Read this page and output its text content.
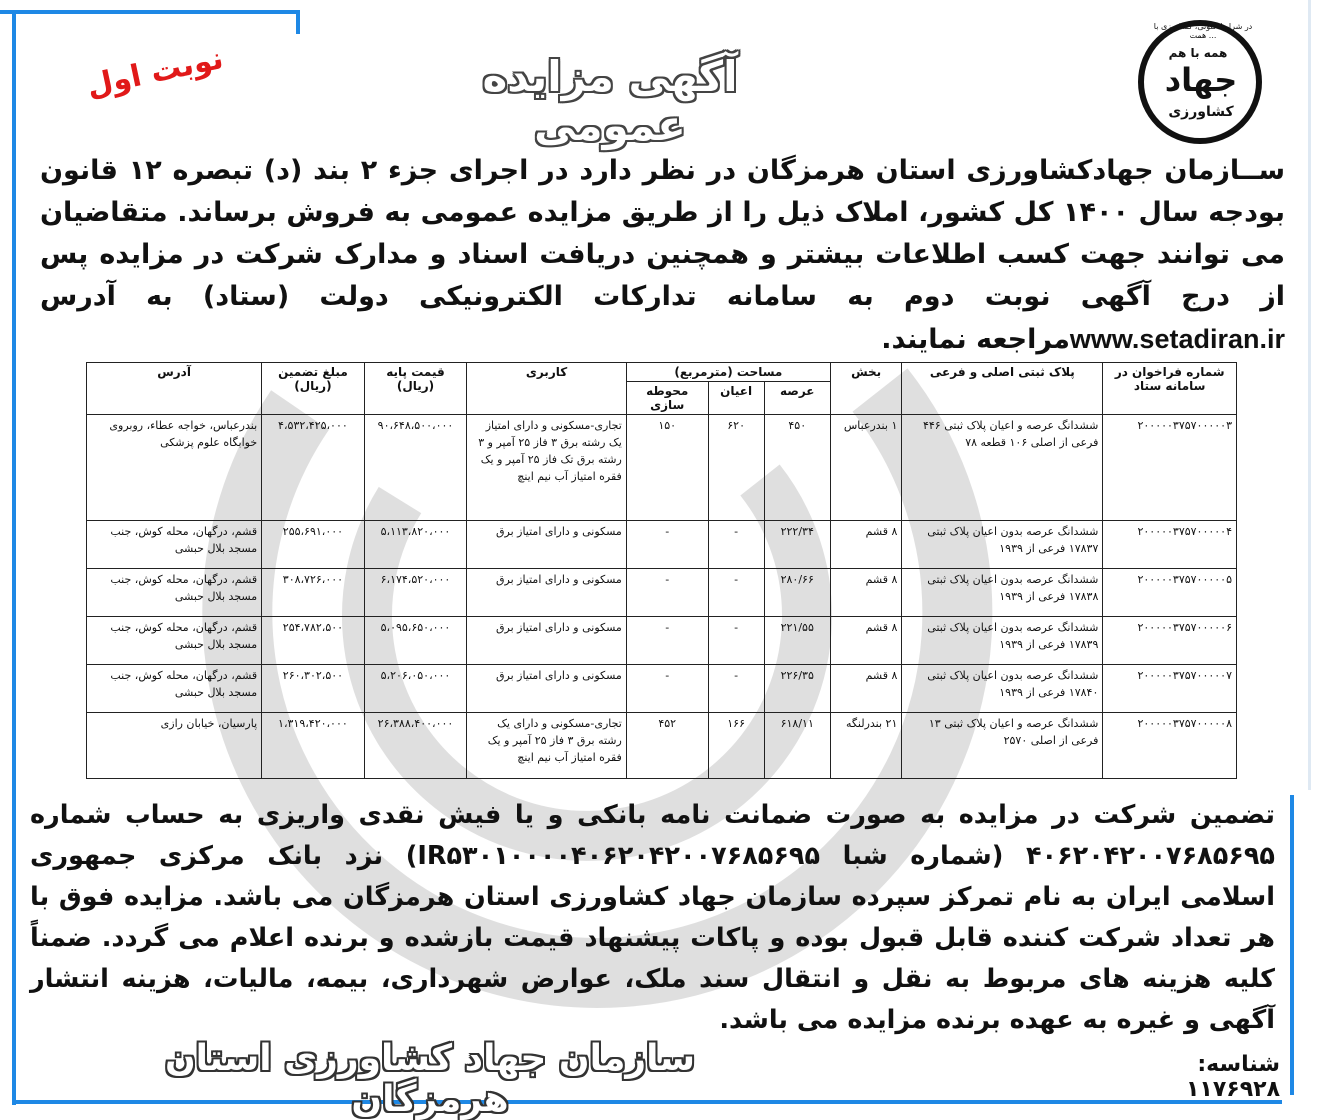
در شرایط کنونی، کشاورزی با همت ...
همه با هم
جهاد
کشاورزی
آگهی مزایده عمومی
نوبت اول
ســازمان جهادکشاورزی استان هرمزگان در نظر دارد در اجرای جزء ۲ بند (د) تبصره ۱۲ قانون بودجه سال ۱۴۰۰ کل کشور، املاک ذیل را از طریق مزایده عمومی به فروش برساند. متقاضیان می توانند جهت کسب اطلاعات بیشتر و همچنین دریافت اسناد و مدارک شرکت در مزایده پس از درج آگهی نوبت دوم به سامانه تدارکات الکترونیکی دولت (ستاد) به آدرس www.setadiran.irمراجعه نمایند.
شماره فراخوان در سامانه ستاد	پلاک ثبتی اصلی و فرعی	بخش	مساحت (مترمربع)			کاربری	قیمت پایه (ریال)	مبلغ تضمین (ریال)	آدرس
			عرصه	اعیان	محوطه سازی				
۲۰۰۰۰۰۳۷۵۷۰۰۰۰۰۳	ششدانگ عرصه و اعیان پلاک ثبتی ۴۴۶ فرعی از اصلی ۱۰۶ قطعه ۷۸	۱ بندرعباس	۴۵۰	۶۲۰	۱۵۰	تجاری-مسکونی و دارای امتیاز یک رشته برق ۳ فاز ۲۵ آمپر و ۳ رشته برق تک فاز ۲۵ آمپر و یک فقره امتیاز آب نیم اینچ	۹۰،۶۴۸،۵۰۰،۰۰۰	۴،۵۳۲،۴۲۵،۰۰۰	بندرعباس، خواجه عطاء، روبروی خوابگاه علوم پزشکی
۲۰۰۰۰۰۳۷۵۷۰۰۰۰۰۴	ششدانگ عرصه بدون اعیان پلاک ثبتی ۱۷۸۳۷ فرعی از ۱۹۳۹	۸ قشم	۲۲۲/۳۴	-	-	مسکونی و دارای امتیاز برق	۵،۱۱۳،۸۲۰،۰۰۰	۲۵۵،۶۹۱،۰۰۰	قشم، درگهان، محله کوش، جنب مسجد بلال حبشی
۲۰۰۰۰۰۳۷۵۷۰۰۰۰۰۵	ششدانگ عرصه بدون اعیان پلاک ثبتی ۱۷۸۳۸ فرعی از ۱۹۳۹	۸ قشم	۲۸۰/۶۶	-	-	مسکونی و دارای امتیاز برق	۶،۱۷۴،۵۲۰،۰۰۰	۳۰۸،۷۲۶،۰۰۰	قشم، درگهان، محله کوش، جنب مسجد بلال حبشی
۲۰۰۰۰۰۳۷۵۷۰۰۰۰۰۶	ششدانگ عرصه بدون اعیان پلاک ثبتی ۱۷۸۳۹ فرعی از ۱۹۳۹	۸ قشم	۲۲۱/۵۵	-	-	مسکونی و دارای امتیاز برق	۵،۰۹۵،۶۵۰،۰۰۰	۲۵۴،۷۸۲،۵۰۰	قشم، درگهان، محله کوش، جنب مسجد بلال حبشی
۲۰۰۰۰۰۳۷۵۷۰۰۰۰۰۷	ششدانگ عرصه بدون اعیان پلاک ثبتی ۱۷۸۴۰ فرعی از ۱۹۳۹	۸ قشم	۲۲۶/۳۵	-	-	مسکونی و دارای امتیاز برق	۵،۲۰۶،۰۵۰،۰۰۰	۲۶۰،۳۰۲،۵۰۰	قشم، درگهان، محله کوش، جنب مسجد بلال حبشی
۲۰۰۰۰۰۳۷۵۷۰۰۰۰۰۸	ششدانگ عرصه و اعیان پلاک ثبتی ۱۳ فرعی از اصلی ۲۵۷۰	۲۱ بندرلنگه	۶۱۸/۱۱	۱۶۶	۴۵۲	تجاری-مسکونی و دارای یک رشته برق ۳ فاز ۲۵ آمپر و یک فقره امتیاز آب نیم اینچ	۲۶،۳۸۸،۴۰۰،۰۰۰	۱،۳۱۹،۴۲۰،۰۰۰	پارسیان، خیابان رازی
تضمین شرکت در مزایده به صورت ضمانت نامه بانکی و یا فیش نقدی واریزی به حساب شماره ۴۰۶۲۰۴۲۰۰۷۶۸۵۶۹۵ (شماره شبا IR۵۳۰۱۰۰۰۰۴۰۶۲۰۴۲۰۰۷۶۸۵۶۹۵) نزد بانک مرکزی جمهوری اسلامی ایران به نام تمرکز سپرده سازمان جهاد کشاورزی استان هرمزگان می باشد. مزایده فوق با هر تعداد شرکت کننده قابل قبول بوده و پاکات پیشنهاد قیمت بازشده و برنده اعلام می گردد. ضمناً کلیه هزینه های مربوط به نقل و انتقال سند ملک، عوارض شهرداری، بیمه، مالیات، هزینه انتشار آگهی و غیره به عهده برنده مزایده می باشد.
شناسه: ۱۱۷۶۹۲۸
سازمان جهاد کشاورزی استان هرمزگان
